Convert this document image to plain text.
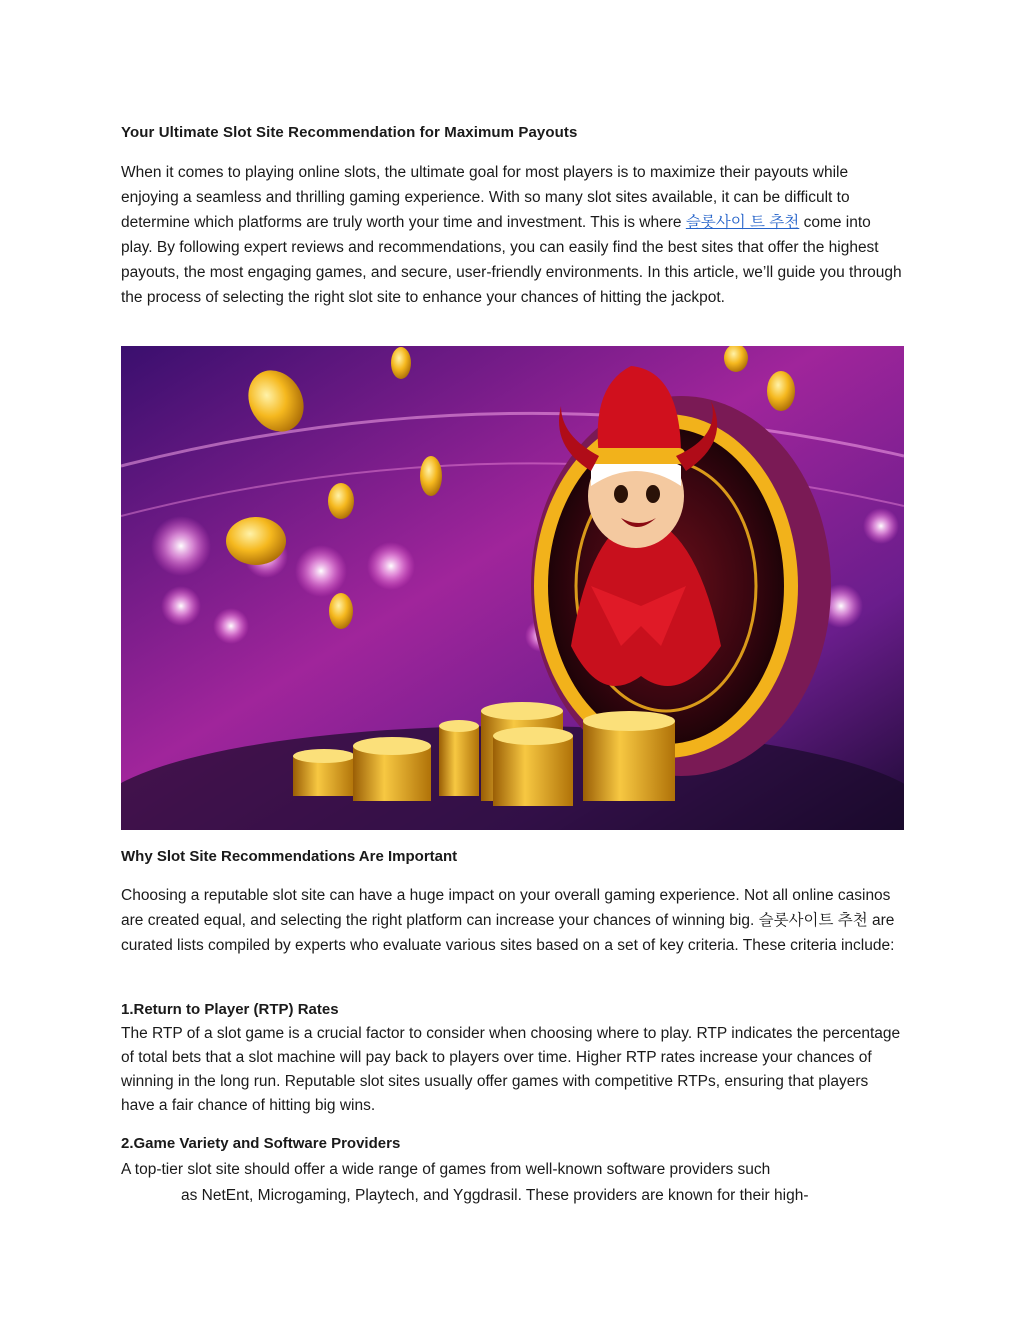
Your Ultimate Slot Site Recommendation for Maximum Payouts
When it comes to playing online slots, the ultimate goal for most players is to maximize their payouts while enjoying a seamless and thrilling gaming experience. With so many slot sites available, it can be difficult to determine which platforms are truly worth your time and investment. This is where 슬롯사이 트 추천 come into play. By following expert reviews and recommendations, you can easily find the best sites that offer the highest payouts, the most engaging games, and secure, user-friendly environments. In this article, we’ll guide you through the process of selecting the right slot site to enhance your chances of hitting the jackpot.
Why Slot Site Recommendations Are Important
Choosing a reputable slot site can have a huge impact on your overall gaming experience. Not all online casinos are created equal, and selecting the right platform can increase your chances of winning big. 슬롯사이트 추천 are curated lists compiled by experts who evaluate various sites based on a set of key criteria. These criteria include:
1.Return to Player (RTP) Rates
The RTP of a slot game is a crucial factor to consider when choosing where to play. RTP indicates the percentage of total bets that a slot machine will pay back to players over time. Higher RTP rates increase your chances of winning in the long run. Reputable slot sites usually offer games with competitive RTPs, ensuring that players have a fair chance of hitting big wins.
2.Game Variety and Software Providers
A top-tier slot site should offer a wide range of games from well-known software providers such
as NetEnt, Microgaming, Playtech, and Yggdrasil. These providers are known for their high-
